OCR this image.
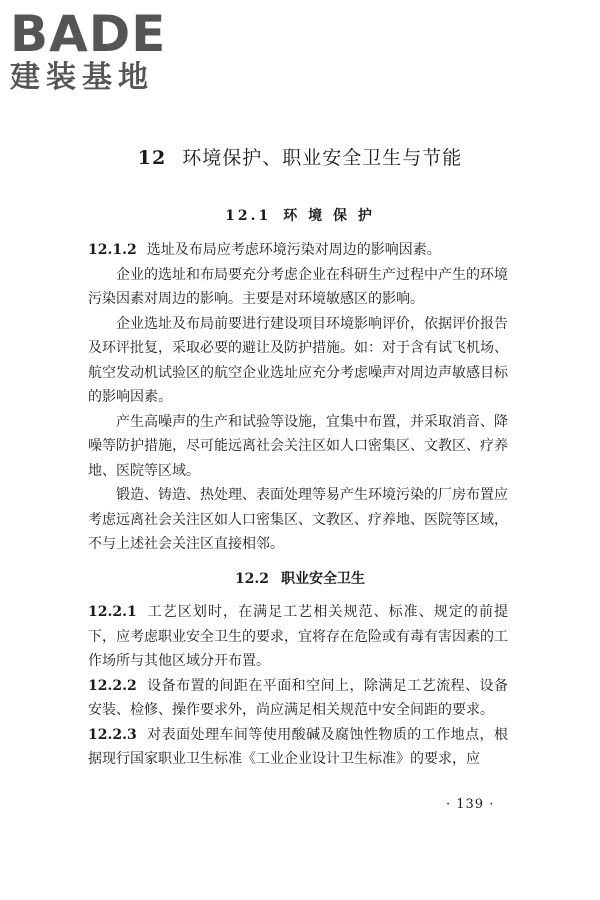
BADE
建装基地
12 环境保护、职业安全卫生与节能
12.1 环 境 保 护

12.1.2 选址及布局应考虑环境污染对周边的影响因素。

企业的选址和布局要充分考虑企业在科研生产过程中产生的环境污染因素对周边的影响。主要是对环境敏感区的影响。

企业选址及布局前要进行建设项目环境影响评价，依据评价报告及环评批复，采取必要的避让及防护措施。如：对于含有试飞机场、航空发动机试验区的航空企业选址应充分考虑噪声对周边声敏感目标的影响因素。

产生高噪声的生产和试验等设施，宜集中布置，并采取消音、降噪等防护措施，尽可能远离社会关注区如人口密集区、文教区、疗养地、医院等区域。

锻造、铸造、热处理、表面处理等易产生环境污染的厂房布置应考虑远离社会关注区如人口密集区、文教区、疗养地、医院等区域，不与上述社会关注区直接相邻。

12.2 职业安全卫生

12.2.1 工艺区划时，在满足工艺相关规范、标准、规定的前提下，应考虑职业安全卫生的要求，宜将存在危险或有毒有害因素的工作场所与其他区域分开布置。

12.2.2 设备布置的间距在平面和空间上，除满足工艺流程、设备安装、检修、操作要求外，尚应满足相关规范中安全间距的要求。

12.2.3 对表面处理车间等使用酸碱及腐蚀性物质的工作地点，根据现行国家职业卫生标准《工业企业设计卫生标准》的要求，应

· 139 ·
